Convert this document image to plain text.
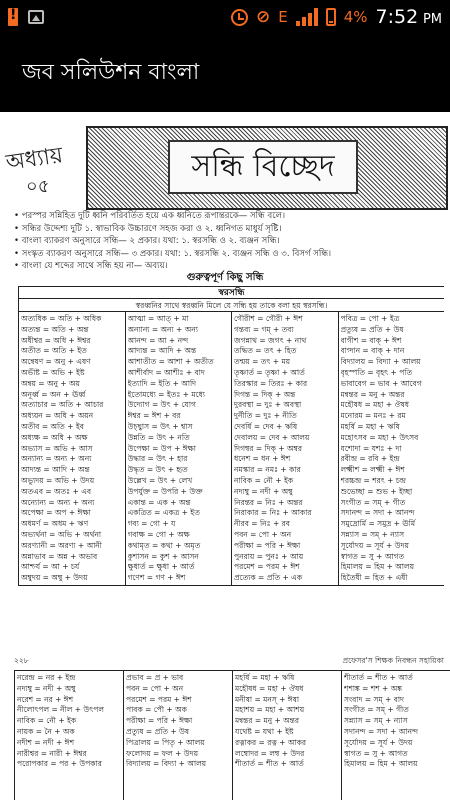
!
⊘ E	4% 7:52 PM
জব সলিউশন বাংলা
অধ্যায়
০৫
সন্ধি বিচ্ছেদ
• পরস্পর সন্নিহিত দুটি ধ্বনি পরিবর্তিত হয়ে এক ধ্বনিতে রূপান্তরকে— সন্ধি বলে।
• সন্ধির উদ্দেশ্য দুটি ১. স্বাভাবিক উচ্চারণে সহজ করা ও ২. ধ্বনিগত মাধুর্য সৃষ্টি।
• বাংলা ব্যাকরণ অনুসারে সন্ধি— ২ প্রকার। যথা: ১. স্বরসন্ধি ও ২. ব্যঞ্জন সন্ধি।
• সংস্কৃত ব্যাকরণ অনুসারে সন্ধি— ৩ প্রকার। যথা: ১. স্বরসন্ধি ২. ব্যঞ্জন সন্ধি ও ৩. বিসর্গ সন্ধি।
• বাংলা যে শব্দের সাথে সন্ধি হয় না— অব্যয়।
গুরুত্বপূর্ণ কিছু সন্ধি
স্বরসন্ধি
স্বরধ্বনির সাথে স্বরধ্বনি মিলে যে সন্ধি হয় তাকে বলা হয় স্বরসন্ধি।
অত্যধিক = অতি + অধিক
অত্যন্ত = অতি + অন্ত
অধীশ্বর = অধি + ঈশ্বর
অতীত = অতি + ইত
অন্বেষণ = অনু + এষণ
অভীষ্ট = অভি + ইষ্ট
অন্বয় = অনু + অয়
অনূর্ধ্ব = অন + ঊর্ধ্ব
অত্যাচার = অতি + আচার
অধ্যয়ন = অধি + অয়ন
অতীব = অতি + ইব
অধ্যক্ষ = অধি + অক্ষ
অভ্যাস = অভি + আস
অন্যান্য = অন্য + অন্য
আদ্যন্ত = আদি + অন্ত
অভ্যুদয় = অভি + উদয়
অতএব = অতঃ + এব
অন্যোন্য = অন্য + অন্য
অপেক্ষা = অপ + ঈক্ষা
অধমর্ণ = অধম + ঋণ
অভ্যর্থনা = অভি + অর্থনা
অরণ্যানী = অরণ্য + আনী
অন্নাভাব = অন্ন + অভাব
আশ্চর্য = আ + চর্য
অম্বুদয় = অম্বু + উদয়
আত্মা = আত্ + মা
অন্যান্য = অন্য + অন্য
আনন্দ = আ + নন্দ
আদ্যন্ত = আদি + অন্ত
আশাতীত = আশা + অতীত
আশীর্বাদ = আশীঃ + বাদ
ইত্যাদি = ইতি + আদি
ইতোমধ্যে = ইতঃ + মধ্যে
উদ্যোগ = উৎ + যোগ
ঈশ্বর = ঈশ + বর
উচ্ছ্বাস = উৎ + শ্বাস
উন্নতি = উৎ + নতি
উপেক্ষা = উপ + ঈক্ষা
উদ্ধার = উৎ + হার
উদ্ধৃত = উৎ + হৃত
উল্লেখ = উৎ + লেখ
উপর্যুক্ত = উপরি + উক্ত
একান্ত = এক + অন্ত
একত্রিত = একত্র + ইত
গব্য = গো + য
গবাক্ষ = গো + অক্ষ
কথামৃত = কথা + অমৃত
কুশাসন = কুশ + আসন
ক্ষুধার্ত = ক্ষুধা + আর্ত
গণেশ = গণ + ঈশ
গৌরীশ = গৌরী + ঈশ
গন্তব্য = গম্ + তব্য
জগন্নাথ = জগৎ + নাথ
তদ্ধিত = তৎ + হিত
তন্ময় = তৎ + ময়
তৃষ্ণার্ত = তৃষ্ণা + আর্ত
তিরস্কার = তিরঃ + কার
দিগন্ত = দিক্ + অন্ত
দুরবস্থা = দুঃ + অবস্থা
দুর্নীতি = দুঃ + নীতি
দেবর্ষি = দেব + ঋষি
দেবালয় = দেব + আলয়
দিগম্বর = দিক্ + অম্বর
ধনেশ = ধন + ঈশ
নমস্কার = নমঃ + কার
নাবিক = নৌ + ইক
নদ্যম্বু = নদী + অম্বু
নিরন্তর = নিঃ + অন্তর
নিরাকার = নিঃ + আকার
নীরব = নিঃ + রব
পবন = পো + অন
পরীক্ষা = পরি + ঈক্ষা
পুনরায় = পুনঃ + আয়
পরমেশ = পরম + ঈশ
প্রত্যেক = প্রতি + এক
পবিত্র = পো + ইত্র
প্রত্যুষ = প্রতি + উষ
বাগীশ = বাক্ + ঈশ
বাগ্দান = বাক্ + দান
বিদ্যালয় = বিদ্যা + আলয়
বৃহস্পতি = বৃহৎ + পতি
ভাবাবেগ = ভাব + আবেগ
মন্বন্তর = মনু + অন্তর
মহৌষধ = মহা + ঔষধ
মনোরম = মনঃ + রম
মহর্ষি = মহা + ঋষি
মহোৎসব = মহা + উৎসব
যশোদা = যশঃ + দা
রবীন্দ্র = রবি + ইন্দ্র
লক্ষ্মীশ = লক্ষ্মী + ঈশ
শরচ্চন্দ্র = শরৎ + চন্দ্র
শুভেচ্ছা = শুভ + ইচ্ছা
সংগীত = সম্ + গীত
সদানন্দ = সদা + আনন্দ
সমুদ্রোর্মি = সমুদ্র + ঊর্মি
সন্ন্যাস = সম্ + ন্যাস
সূর্যোদয় = সূর্য + উদয়
স্বাগত = সু + আগত
হিমালয় = হিম + আলয়
হিতৈষী = হিত + এষী
২২৮	প্রফেসর'স শিক্ষক নিবন্ধন সহায়িকা
নরেন্দ্র = নর + ইন্দ্র
নদ্যম্বু = নদী + অম্বু
নরেশ = নর + ঈশ
নীলোৎপল = নীল + উৎপল
নাবিক = নৌ + ইক
নায়ক = নৈ + অক
নদীশ = নদী + ঈশ
নারীশ্বর = নারী + ঈশ্বর
পরোপকার = পর + উপকার
প্রভাব = প্র + ভাব
পবন = পো + অন
পরমেশ = পরম + ঈশ
পাবক = পৌ + অক
পরীক্ষা = পরি + ঈক্ষা
প্রত্যুষ = প্রতি + উষ
পিত্রালয় = পিতৃ + আলয়
ফলোদয় = ফল + উদয়
বিদ্যালয় = বিদ্যা + আলয়
মহর্ষি = মহা + ঋষি
মহৌষধ = মহা + ঔষধ
মনীষা = মনস্ + ঈষা
মহাশয় = মহা + আশয়
মন্বন্তর = মনু + অন্তর
যথেষ্ট = যথা + ইষ্ট
রত্নাকর = রত্ন + আকর
লম্বোদর = লম্ব + উদর
শীতার্ত = শীত + আর্ত
শীতার্ত = শীত + আর্ত
শশাঙ্ক = শশ + অঙ্ক
সংবাদ = সম্ + বাদ
সংগীত = সম্ + গীত
সন্ন্যাস = সম্ + ন্যাস
সদানন্দ = সদা + আনন্দ
সূর্যোদয় = সূর্য + উদয়
স্বাগত = সু + আগত
হিমালয় = হিম + আলয়
